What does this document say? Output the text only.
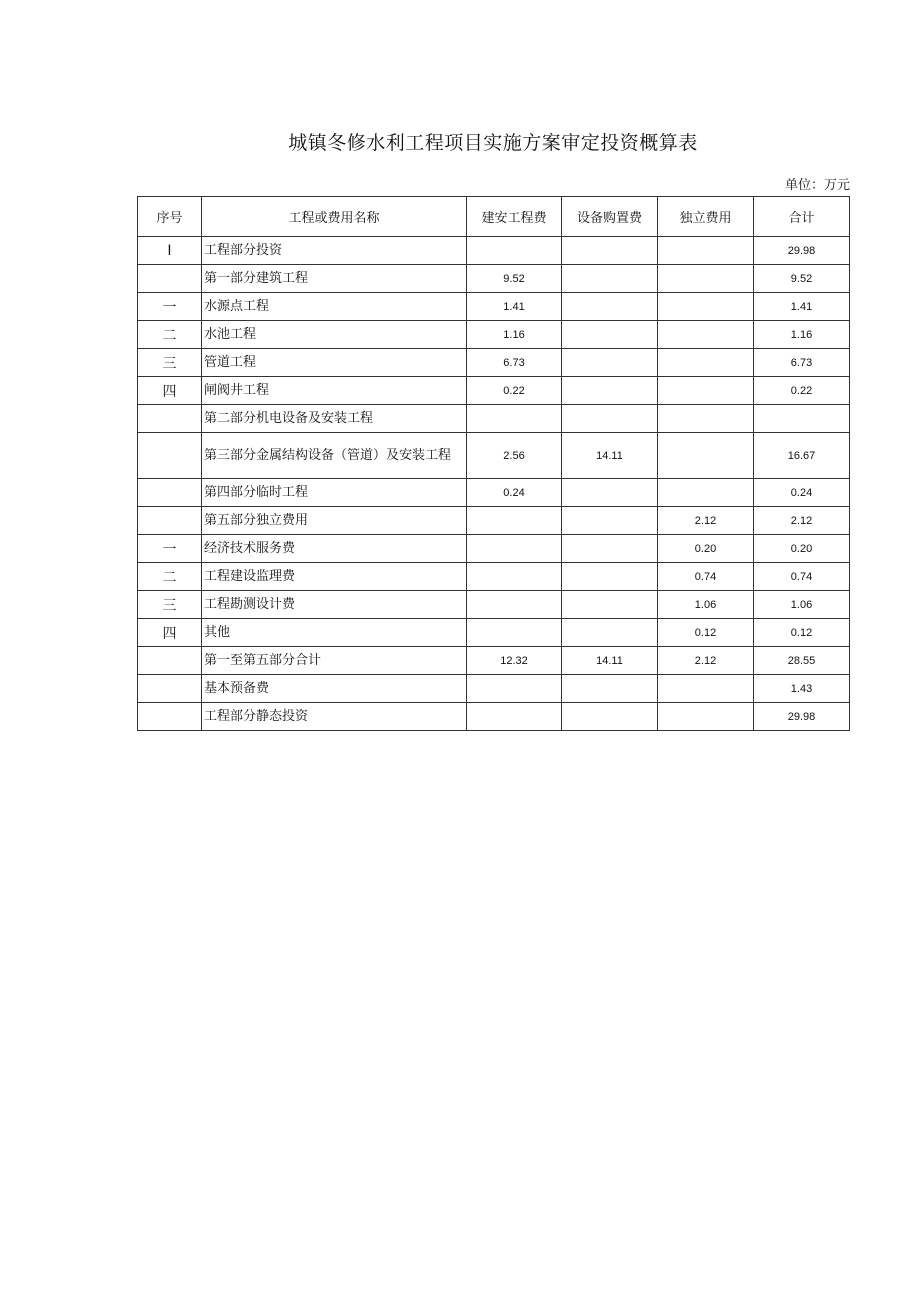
城镇冬修水利工程项目实施方案审定投资概算表
单位：万元
序号	工程或费用名称	建安工程费	设备购置费	独立费用	合计
Ⅰ	工程部分投资				29.98
	第一部分建筑工程	9.52			9.52
一	水源点工程	1.41			1.41
二	水池工程	1.16			1.16
三	管道工程	6.73			6.73
四	闸阀井工程	0.22			0.22
	第二部分机电设备及安装工程				
	第三部分金属结构设备（管道）及安装工程	2.56	14.11		16.67
	第四部分临时工程	0.24			0.24
	第五部分独立费用			2.12	2.12
一	经济技术服务费			0.20	0.20
二	工程建设监理费			0.74	0.74
三	工程勘测设计费			1.06	1.06
四	其他			0.12	0.12
	第一至第五部分合计	12.32	14.11	2.12	28.55
	基本预备费				1.43
	工程部分静态投资				29.98
